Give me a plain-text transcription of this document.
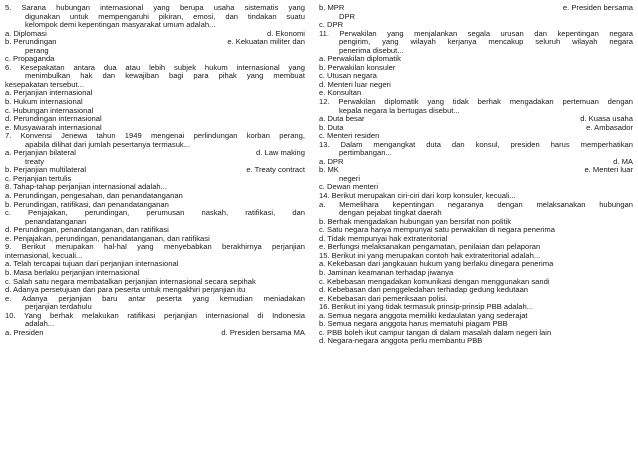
5. Sarana hubungan internasional yang berupa usaha sistematis yang
digunakan untuk mempengaruhi pikiran, emosi, dan tindakan suatu
kelompok demi kepentingan masyarakat umum adalah...
a. Diplomasi	d. Ekonomi
b. Perundingan	e. Kekuatan militer dan
perang
c. Propaganda
6. Kesepakatan antara dua atau lebih subjek hukum internasional yang
menimbulkan hak dan kewajiban bagi para pihak yang membuat
kesepakatan tersebut...
a. Perjanjian internasional
b. Hukum internasional
c. Hubungan internasional
d. Perundingan internasional
e. Musyawarah internasional
7. Konvensi Jenewa tahun 1949 mengenai perlindungan korban perang,
apabila dilihat dari jumlah pesertanya termasuk...
a. Perjanjian bilateral	d. Law making
treaty
b. Perjanjian multilateral	e. Treaty contract
c. Perjanjian tertulis
8. Tahap-tahap perjanjian internasional adalah...
a. Perundingan, pengesahan, dan penandatanganan
b. Perundingan, ratifikasi, dan penandatanganan
c. Penjajakan, perundingan, perumusan naskah, ratifikasi, dan
penandatanganan
d. Perundingan, penandatanganan, dan ratifikasi
e. Penjajakan, perundingan, penandatanganan, dan ratifikasi
9. Berikut merupakan hal-hal yang menyebabkan berakhirnya perjanjian
internasional, kecuali...
a. Telah tercapai tujuan dari perjanjian internasional
b. Masa berlaku perjanjian internasional
c. Salah satu negara membatalkan perjanjian internasional secara sepihak
d. Adanya persetujuan dari para peserta untuk mengakhiri perjanjian itu
e. Adanya perjanjian baru antar peserta yang kemudian meniadakan
perjanjian terdahulu
10. Yang berhak melakukan ratifikasi perjanjian internasional di Indonesia
adalah...
a. Presiden	d. Presiden bersama MA
b. MPR	e. Presiden bersama
DPR
c. DPR
11. Perwakilan yang menjalankan segala urusan dan kepentingan negara
pengirim, yang wilayah kerjanya mencakup seluruh wilayah negara
penerima disebut...
a. Perwakilan diplomatik
b. Perwakilan konsuler
c. Utusan negara
d. Menteri luar negeri
e. Konsultan
12. Perwakilan diplomatik yang tidak berhak mengadakan pertemuan dengan
kepala negara la bertugas disebut...
a. Duta besar	d. Kuasa usaha
b. Duta	e. Ambasador
c. Menteri residen
13. Dalam mengangkat duta dan konsul, presiden harus memperhatikan
pertimbangan...
a. DPR	d. MA
b. MK	e. Menteri luar
negeri
c. Dewan menteri
14. Berikut merupakan ciri-ciri dari korp konsuler, kecuali...
a. Memelihara kepentingan negaranya dengan melaksanakan hubungan
dengan pejabat tingkat daerah
b. Berhak mengadakan hubungan yan bersifat non politik
c. Satu negara hanya mempunyai satu perwakilan di negara penerima
d. Tidak mempunyai hak extrateritorial
e. Berfungsi melaksanakan pengamatan, penilaian dan pelaporan
15. Berikut ini yang merupakan contoh hak extrateritorial adalah...
a. Kekebasan dari jangkauan hukum yang berlaku dinegara penerima
b. Jaminan keamanan terhadap jiwanya
c. Kebebasan mengadakan komunikasi dengan menggunakan sandi
d. Kebebasan dari penggeledahan terhadap gedung kedutaan
e. Kebebasan dari pemeriksaan polisi.
16. Berikut ini yang tidak termasuk prinsip-prinsip PBB adalah...
a. Semua negara anggota memiliki kedaulatan yang sederajat
b. Semua negara anggota harus mematuhi piagam PBB
c. PBB boleh ikut campur tangan di dalam masalah dalam negeri lain
d. Negara-negara anggota perlu membantu PBB
